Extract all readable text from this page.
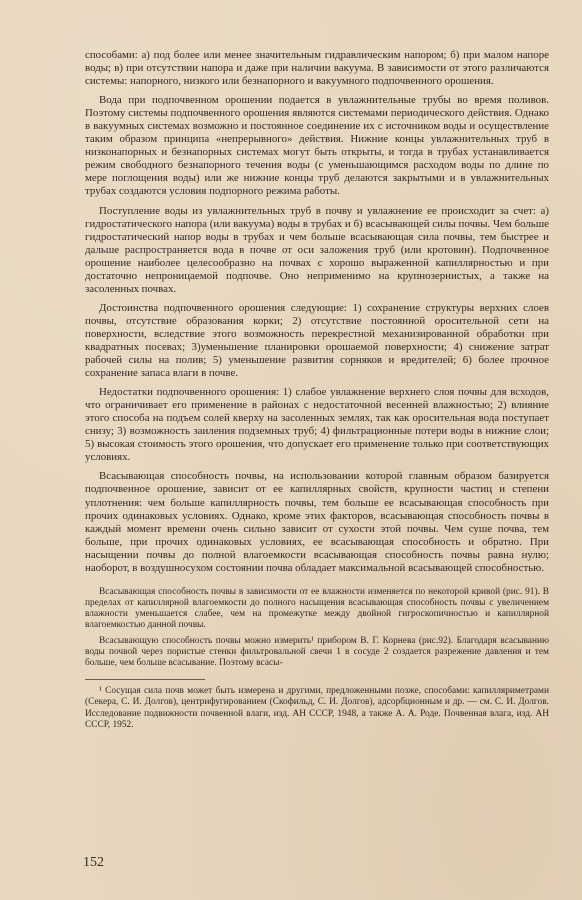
способами: а) под более или менее значительным гидравлическим напором; б) при малом напоре воды; в) при отсутствии напора и даже при наличии вакуума. В зависимости от этого различаются системы: напорного, низкого или безнапорного и вакуумного подпочвенного орошения.

Вода при подпочвенном орошении подается в увлажнительные трубы во время поливов. Поэтому системы подпочвенного орошения являются системами периодического действия. Однако в вакуумных системах возможно и постоянное соединение их с источником воды и осуществление таким образом принципа «непрерывного» действия. Нижние концы увлажнительных труб в низконапорных и безнапорных системах могут быть открыты, и тогда в трубах устанавливается режим свободного безнапорного течения воды (с уменьшающимся расходом воды по длине по мере поглощения воды) или же нижние концы труб делаются закрытыми и в увлажнительных трубах создаются условия подпорного режима работы.

Поступление воды из увлажнительных труб в почву и увлажнение ее происходит за счет: а) гидростатического напора (или вакуума) воды в трубах и б) всасывающей силы почвы. Чем больше гидростатический напор воды в трубах и чем больше всасывающая сила почвы, тем быстрее и дальше распространяется вода в почве от оси заложения труб (или кротовин). Подпочвенное орошение наиболее целесообразно на почвах с хорошо выраженной капиллярностью и при достаточно непроницаемой подпочве. Оно неприменимо на крупнозернистых, а также на засоленных почвах.

Достоинства подпочвенного орошения следующие: 1) сохранение структуры верхних слоев почвы, отсутствие образования корки; 2) отсутствие постоянной оросительной сети на поверхности, вследствие этого возможность перекрестной механизированной обработки при квадратных посевах; 3)уменьшение планировки орошаемой поверхности; 4) снижение затрат рабочей силы на полив; 5) уменьшение развития сорняков и вредителей; 6) более прочное сохранение запаса влаги в почве.

Недостатки подпочвенного орошения: 1) слабое увлажнение верхнего слоя почвы для всходов, что ограничивает его применение в районах с недостаточной весенней влажностью; 2) влияние этого способа на подъем солей кверху на засоленных землях, так как оросительная вода поступает снизу; 3) возможность заиления подземных труб; 4) фильтрационные потери воды в нижние слои; 5) высокая стоимость этого орошения, что допускает его применение только при соответствующих условиях.

Всасывающая способность почвы, на использовании которой главным образом базируется подпочвенное орошение, зависит от ее капиллярных свойств, крупности частиц и степени уплотнения: чем больше капиллярность почвы, тем больше ее всасывающая способность при прочих одинаковых условиях. Однако, кроме этих факторов, всасывающая способность почвы в каждый момент времени очень сильно зависит от сухости этой почвы. Чем суше почва, тем больше, при прочих одинаковых условиях, ее всасывающая способность и обратно. При насыщении почвы до полной влагоемкости всасывающая способность почвы равна нулю; наоборот, в воздушносухом состоянии почва обладает максимальной всасывающей способностью.

Всасывающая способность почвы в зависимости от ее влажности изменяется по некоторой кривой (рис. 91). В пределах от капиллярной влагоемкости до полного насыщения всасывающая способность почвы с увеличением влажности уменьшается слабее, чем на промежутке между двойной гигроскопичностью и капиллярной влагоемкостью данной почвы.

Всасывающую способность почвы можно измерить¹ прибором В. Г. Корнева (рис.92). Благодаря всасыванию воды почвой через пористые стенки фильтровальной свечи 1 в сосуде 2 создается разрежение давления и тем больше, чем больше всасывание. Поэтому всасы-

¹ Сосущая сила почв может быть измерена и другими, предложенными позже, способами: капилляриметрами (Секера, С. И. Долгов), центрифугированием (Скофильд, С. И. Долгов), адсорбционным и др. — см. С. И. Долгов. Исследование подвижности почвенной влаги, изд. АН СССР, 1948, а также А. А. Роде. Почвенная влага, изд. АН СССР, 1952.

152
